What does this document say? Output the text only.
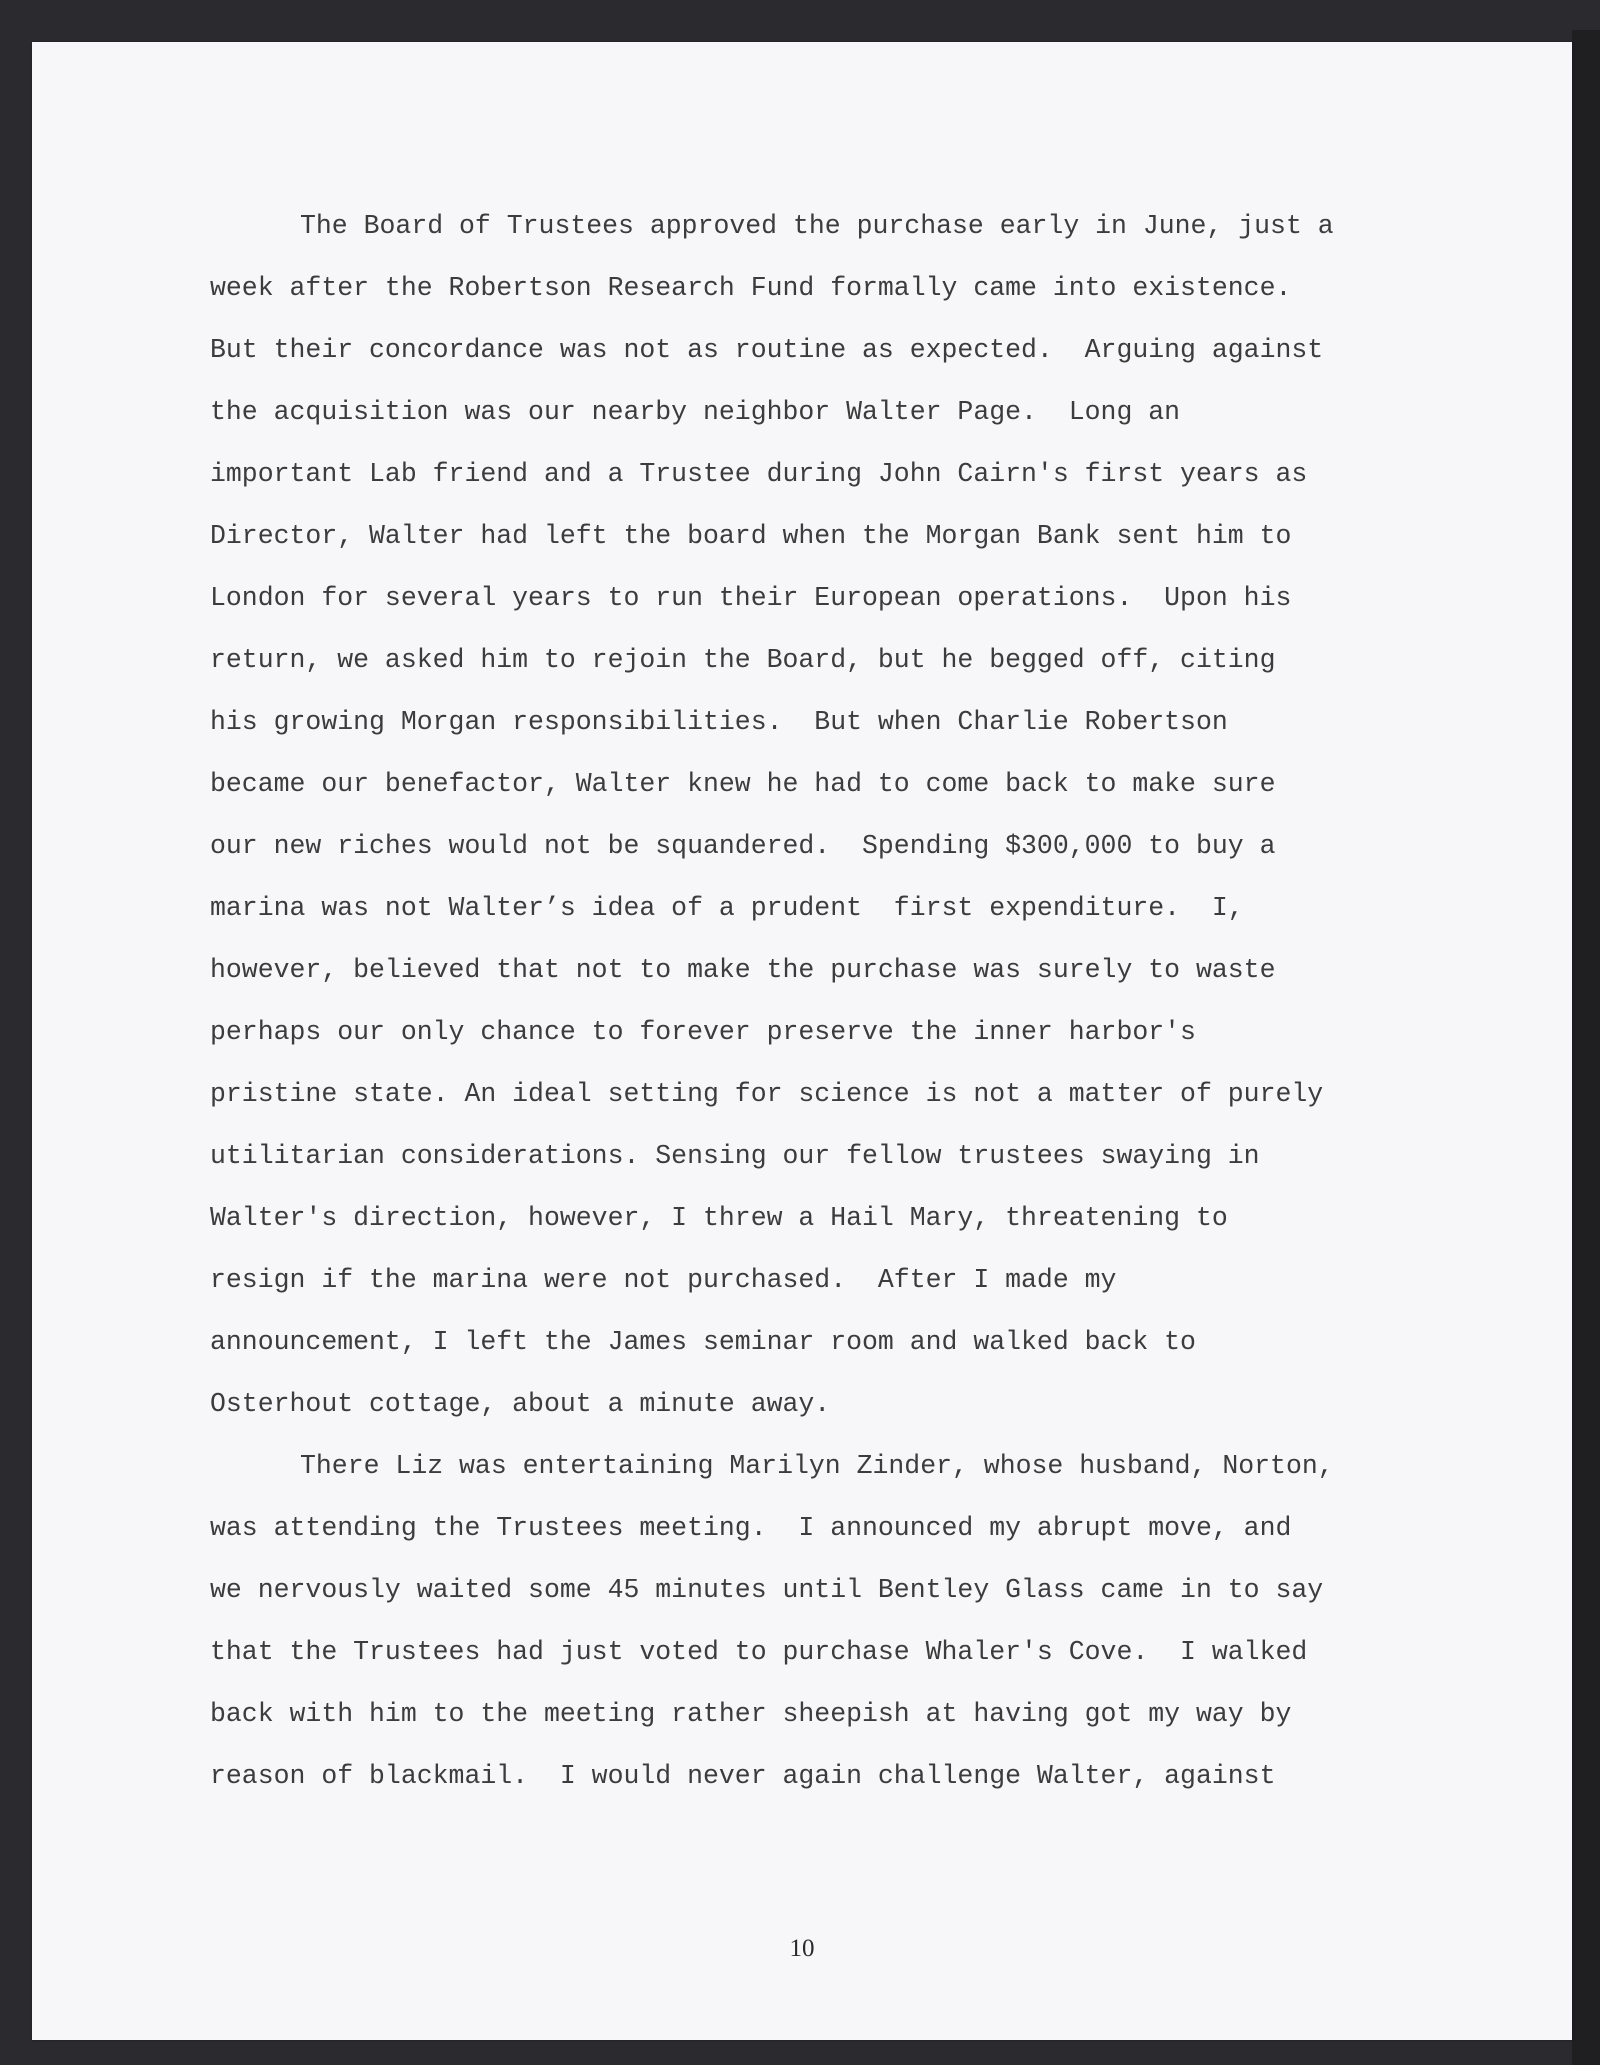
The Board of Trustees approved the purchase early in June, just a

week after the Robertson Research Fund formally came into existence.

But their concordance was not as routine as expected.  Arguing against

the acquisition was our nearby neighbor Walter Page.  Long an

important Lab friend and a Trustee during John Cairn's first years as

Director, Walter had left the board when the Morgan Bank sent him to

London for several years to run their European operations.  Upon his

return, we asked him to rejoin the Board, but he begged off, citing

his growing Morgan responsibilities.  But when Charlie Robertson

became our benefactor, Walter knew he had to come back to make sure

our new riches would not be squandered.  Spending $300,000 to buy a

marina was not Walter’s idea of a prudent  first expenditure.  I,

however, believed that not to make the purchase was surely to waste

perhaps our only chance to forever preserve the inner harbor's

pristine state. An ideal setting for science is not a matter of purely

utilitarian considerations. Sensing our fellow trustees swaying in

Walter's direction, however, I threw a Hail Mary, threatening to

resign if the marina were not purchased.  After I made my

announcement, I left the James seminar room and walked back to

Osterhout cottage, about a minute away.

There Liz was entertaining Marilyn Zinder, whose husband, Norton,

was attending the Trustees meeting.  I announced my abrupt move, and

we nervously waited some 45 minutes until Bentley Glass came in to say

that the Trustees had just voted to purchase Whaler's Cove.  I walked

back with him to the meeting rather sheepish at having got my way by

reason of blackmail.  I would never again challenge Walter, against

10
